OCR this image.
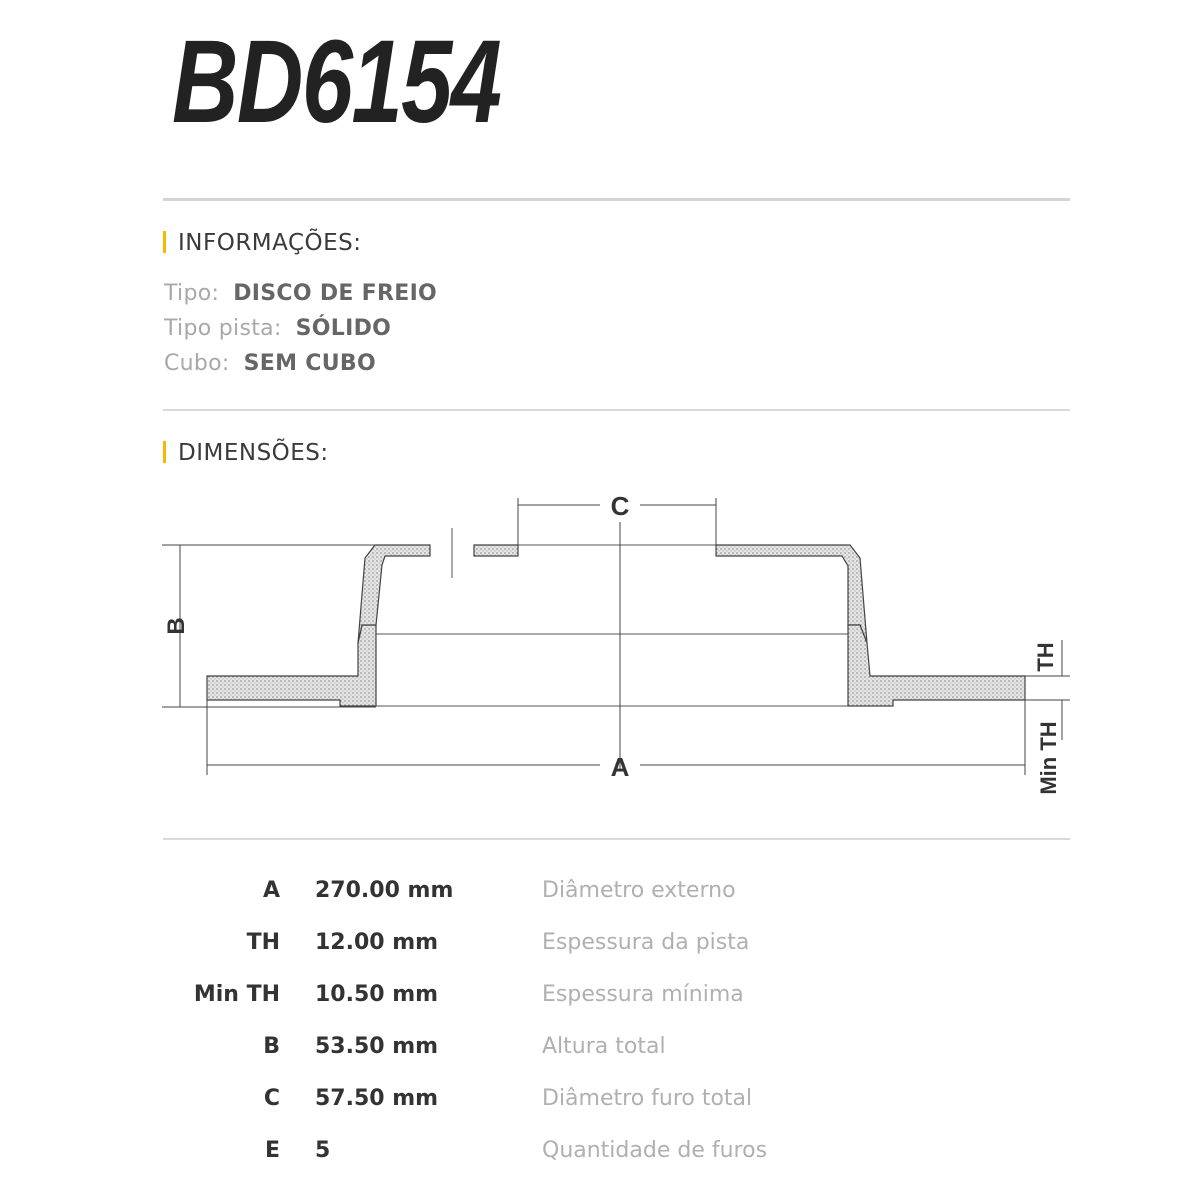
BD6154
INFORMAÇÕES:
Tipo: DISCO DE FREIO
Tipo pista: SÓLIDO
Cubo: SEM CUBO
DIMENSÕES:
C
B
A
TH
Min TH
A 270.00 mm	Diâmetro externo
TH 12.00 mm	Espessura da pista
Min TH 10.50 mm	Espessura mínima
B 53.50 mm	Altura total
C 57.50 mm	Diâmetro furo total
E 5	Quantidade de furos
